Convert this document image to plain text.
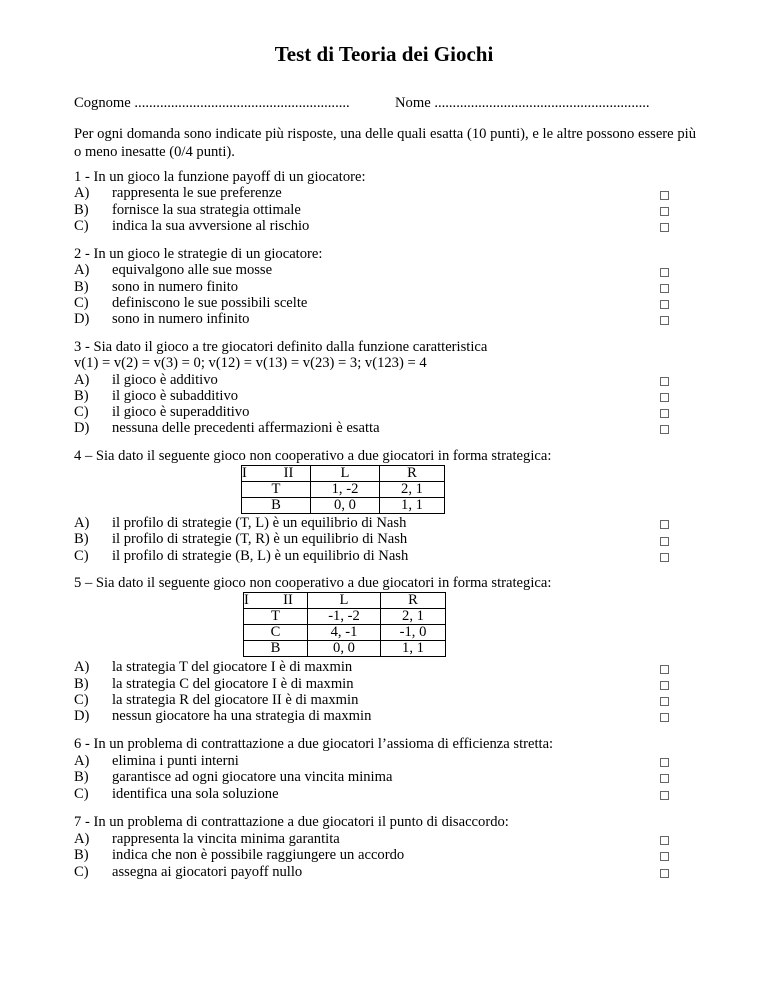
Test di Teoria dei Giochi
Cognome ...........................................................	Nome ...........................................................
Per ogni domanda sono indicate più risposte, una delle quali esatta (10 punti), e le altre possono essere più o meno inesatte (0/4 punti).
1 - In un gioco la funzione payoff di un giocatore:
A) rappresenta le sue preferenze
B) fornisce la sua strategia ottimale
C) indica la sua avversione al rischio
2 - In un gioco le strategie di un giocatore:
A) equivalgono alle sue mosse
B) sono in numero finito
C) definiscono le sue possibili scelte
D) sono in numero infinito
3 - Sia dato il gioco a tre giocatori definito dalla funzione caratteristica
v(1) = v(2) = v(3) = 0; v(12) = v(13) = v(23) = 3; v(123) = 4
A) il gioco è additivo
B) il gioco è subadditivo
C) il gioco è superadditivo
D) nessuna delle precedenti affermazioni è esatta
4 – Sia dato il seguente gioco non cooperativo a due giocatori in forma strategica:
I	II	L	R
T		1, -2	2, 1
B		0, 0	1, 1
A) il profilo di strategie (T, L) è un equilibrio di Nash
B) il profilo di strategie (T, R) è un equilibrio di Nash
C) il profilo di strategie (B, L) è un equilibrio di Nash
5 – Sia dato il seguente gioco non cooperativo a due giocatori in forma strategica:
I	II	L	R
T		-1, -2	2, 1
C		4, -1	-1, 0
B		0, 0	1, 1
A) la strategia T del giocatore I è di maxmin
B) la strategia C del giocatore I è di maxmin
C) la strategia R del giocatore II è di maxmin
D) nessun giocatore ha una strategia di maxmin
6 - In un problema di contrattazione a due giocatori l’assioma di efficienza stretta:
A) elimina i punti interni
B) garantisce ad ogni giocatore una vincita minima
C) identifica una sola soluzione
7 - In un problema di contrattazione a due giocatori il punto di disaccordo:
A) rappresenta la vincita minima garantita
B) indica che non è possibile raggiungere un accordo
C) assegna ai giocatori payoff nullo
